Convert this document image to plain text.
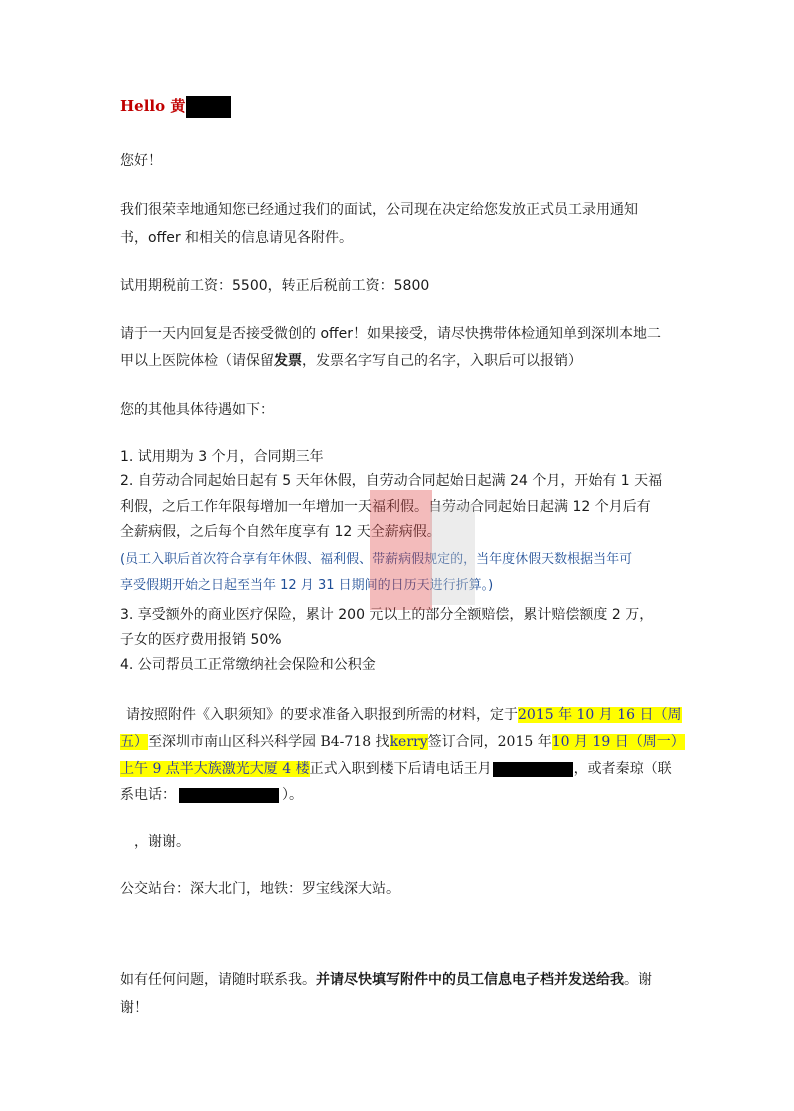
Hello 黄
您好！
我们很荣幸地通知您已经通过我们的面试，公司现在决定给您发放正式员工录用通知
书，offer 和相关的信息请见各附件。
试用期税前工资：5500，转正后税前工资：5800
请于一天内回复是否接受微创的 offer！如果接受，请尽快携带体检通知单到深圳本地二
甲以上医院体检（请保留发票，发票名字写自己的名字，入职后可以报销）
您的其他具体待遇如下：
1. 试用期为 3 个月，合同期三年
2. 自劳动合同起始日起有 5 天年休假，自劳动合同起始日起满 24 个月，开始有 1 天福
利假，之后工作年限每增加一年增加一天福利假。自劳动合同起始日起满 12 个月后有
全薪病假，之后每个自然年度享有 12 天全薪病假。
(员工入职后首次符合享有年休假、福利假、带薪病假规定的，当年度休假天数根据当年可
享受假期开始之日起至当年 12 月 31 日期间的日历天进行折算。)
3. 享受额外的商业医疗保险，累计 200 元以上的部分全额赔偿，累计赔偿额度 2 万，
子女的医疗费用报销 50%
4. 公司帮员工正常缴纳社会保险和公积金
请按照附件《入职须知》的要求准备入职报到所需的材料，定于2015 年 10 月 16 日（周
五）至深圳市南山区科兴科学园 B4-718 找kerry签订合同，2015 年10 月 19 日（周一）
上午 9 点半大族激光大厦 4 楼正式入职到楼下后请电话王月	，或者秦琼（联
系电话：	）。
，谢谢。
公交站台：深大北门，地铁：罗宝线深大站。
如有任何问题，请随时联系我。并请尽快填写附件中的员工信息电子档并发送给我。谢
谢！
